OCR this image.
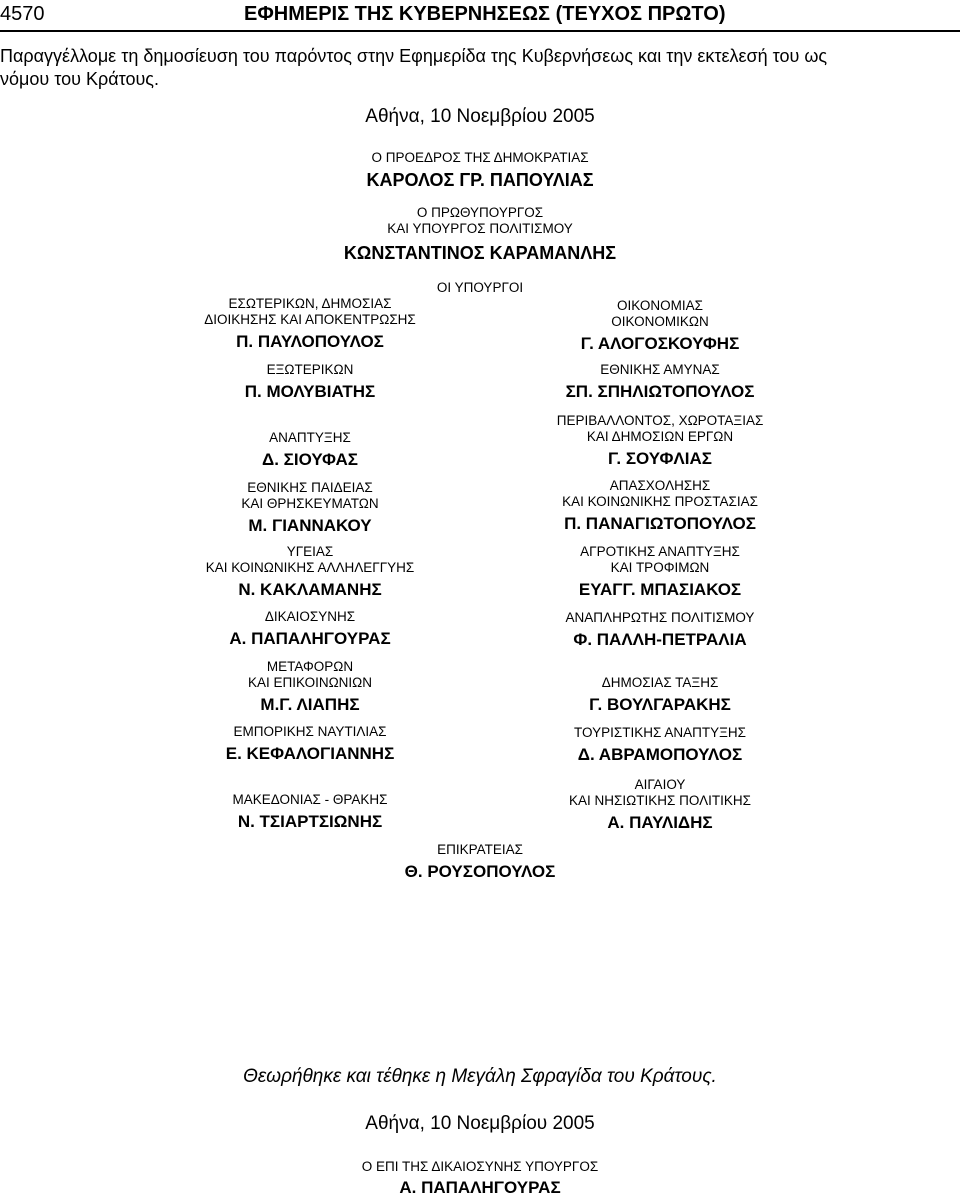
4570	ΕΦΗΜΕΡΙΣ ΤΗΣ ΚΥΒΕΡΝΗΣΕΩΣ (ΤΕΥΧΟΣ ΠΡΩΤΟ)
Παραγγέλλομε τη δημοσίευση του παρόντος στην Εφημερίδα της Κυβερνήσεως και την εκτελεσή του ως
νόμου του Κράτους.
Αθήνα, 10 Νοεμβρίου 2005
Ο ΠΡΟΕΔΡΟΣ ΤΗΣ ΔΗΜΟΚΡΑΤΙΑΣ
ΚΑΡΟΛΟΣ ΓΡ. ΠΑΠΟΥΛΙΑΣ
Ο ΠΡΩΘΥΠΟΥΡΓΟΣ
ΚΑΙ ΥΠΟΥΡΓΟΣ ΠΟΛΙΤΙΣΜΟΥ
ΚΩΝΣΤΑΝΤΙΝΟΣ ΚΑΡΑΜΑΝΛΗΣ
ΟΙ ΥΠΟΥΡΓΟΙ
ΕΣΩΤΕΡΙΚΩΝ, ΔΗΜΟΣΙΑΣ
ΔΙΟΙΚΗΣΗΣ ΚΑΙ ΑΠΟΚΕΝΤΡΩΣΗΣ
Π. ΠΑΥΛΟΠΟΥΛΟΣ
ΕΞΩΤΕΡΙΚΩΝ
Π. ΜΟΛΥΒΙΑΤΗΣ
ΑΝΑΠΤΥΞΗΣ
Δ. ΣΙΟΥΦΑΣ
ΕΘΝΙΚΗΣ ΠΑΙΔΕΙΑΣ
ΚΑΙ ΘΡΗΣΚΕΥΜΑΤΩΝ
Μ. ΓΙΑΝΝΑΚΟΥ
ΥΓΕΙΑΣ
ΚΑΙ ΚΟΙΝΩΝΙΚΗΣ ΑΛΛΗΛΕΓΓΥΗΣ
Ν. ΚΑΚΛΑΜΑΝΗΣ
ΔΙΚΑΙΟΣΥΝΗΣ
Α. ΠΑΠΑΛΗΓΟΥΡΑΣ
ΜΕΤΑΦΟΡΩΝ
ΚΑΙ ΕΠΙΚΟΙΝΩΝΙΩΝ
Μ.Γ. ΛΙΑΠΗΣ
ΕΜΠΟΡΙΚΗΣ ΝΑΥΤΙΛΙΑΣ
Ε. ΚΕΦΑΛΟΓΙΑΝΝΗΣ
ΜΑΚΕΔΟΝΙΑΣ - ΘΡΑΚΗΣ
Ν. ΤΣΙΑΡΤΣΙΩΝΗΣ
ΟΙΚΟΝΟΜΙΑΣ
ΟΙΚΟΝΟΜΙΚΩΝ
Γ. ΑΛΟΓΟΣΚΟΥΦΗΣ
ΕΘΝΙΚΗΣ ΑΜΥΝΑΣ
ΣΠ. ΣΠΗΛΙΩΤΟΠΟΥΛΟΣ
ΠΕΡΙΒΑΛΛΟΝΤΟΣ, ΧΩΡΟΤΑΞΙΑΣ
ΚΑΙ ΔΗΜΟΣΙΩΝ ΕΡΓΩΝ
Γ. ΣΟΥΦΛΙΑΣ
ΑΠΑΣΧΟΛΗΣΗΣ
ΚΑΙ ΚΟΙΝΩΝΙΚΗΣ ΠΡΟΣΤΑΣΙΑΣ
Π. ΠΑΝΑΓΙΩΤΟΠΟΥΛΟΣ
ΑΓΡΟΤΙΚΗΣ ΑΝΑΠΤΥΞΗΣ
ΚΑΙ ΤΡΟΦΙΜΩΝ
ΕΥΑΓΓ. ΜΠΑΣΙΑΚΟΣ
ΑΝΑΠΛΗΡΩΤΗΣ ΠΟΛΙΤΙΣΜΟΥ
Φ. ΠΑΛΛΗ-ΠΕΤΡΑΛΙΑ
ΔΗΜΟΣΙΑΣ ΤΑΞΗΣ
Γ. ΒΟΥΛΓΑΡΑΚΗΣ
ΤΟΥΡΙΣΤΙΚΗΣ ΑΝΑΠΤΥΞΗΣ
Δ. ΑΒΡΑΜΟΠΟΥΛΟΣ
ΑΙΓΑΙΟΥ
ΚΑΙ ΝΗΣΙΩΤΙΚΗΣ ΠΟΛΙΤΙΚΗΣ
Α. ΠΑΥΛΙΔΗΣ
ΕΠΙΚΡΑΤΕΙΑΣ
Θ. ΡΟΥΣΟΠΟΥΛΟΣ
Θεωρήθηκε και τέθηκε η Μεγάλη Σφραγίδα του Κράτους.
Αθήνα, 10 Νοεμβρίου 2005
Ο ΕΠΙ ΤΗΣ ΔΙΚΑΙΟΣΥΝΗΣ ΥΠΟΥΡΓΟΣ
Α. ΠΑΠΑΛΗΓΟΥΡΑΣ
